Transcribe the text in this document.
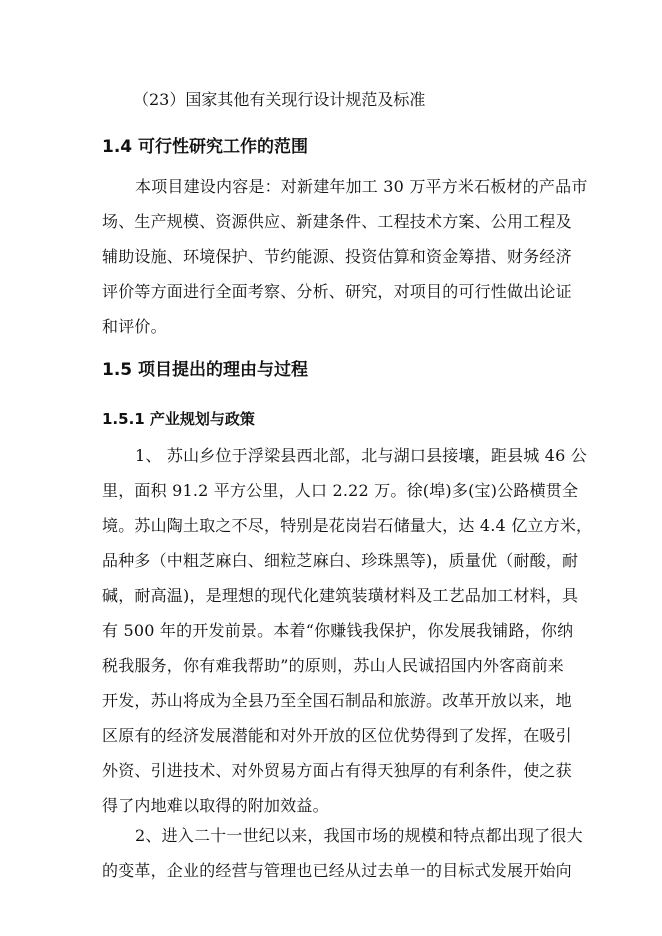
（23）国家其他有关现行设计规范及标准
1.4 可行性研究工作的范围
本项目建设内容是：对新建年加工 30 万平方米石板材的产品市
场、生产规模、资源供应、新建条件、工程技术方案、公用工程及
辅助设施、环境保护、节约能源、投资估算和资金筹措、财务经济
评价等方面进行全面考察、分析、研究，对项目的可行性做出论证
和评价。
1.5 项目提出的理由与过程
1.5.1 产业规划与政策
1、 苏山乡位于浮梁县西北部，北与湖口县接壤，距县城 46 公
里，面积 91.2 平方公里，人口 2.22 万。徐(埠)多(宝)公路横贯全
境。苏山陶土取之不尽，特别是花岗岩石储量大，达 4.4 亿立方米，
品种多（中粗芝麻白、细粒芝麻白、珍珠黑等)，质量优（耐酸，耐
碱，耐高温)，是理想的现代化建筑装璜材料及工艺品加工材料，具
有 500 年的开发前景。本着“你赚钱我保护，你发展我铺路，你纳
税我服务，你有难我帮助”的原则，苏山人民诚招国内外客商前来
开发，苏山将成为全县乃至全国石制品和旅游。改革开放以来，地
区原有的经济发展潜能和对外开放的区位优势得到了发挥，在吸引
外资、引进技术、对外贸易方面占有得天独厚的有利条件，使之获
得了内地难以取得的附加效益。
2、进入二十一世纪以来，我国市场的规模和特点都出现了很大
的变革，企业的经营与管理也已经从过去单一的目标式发展开始向
